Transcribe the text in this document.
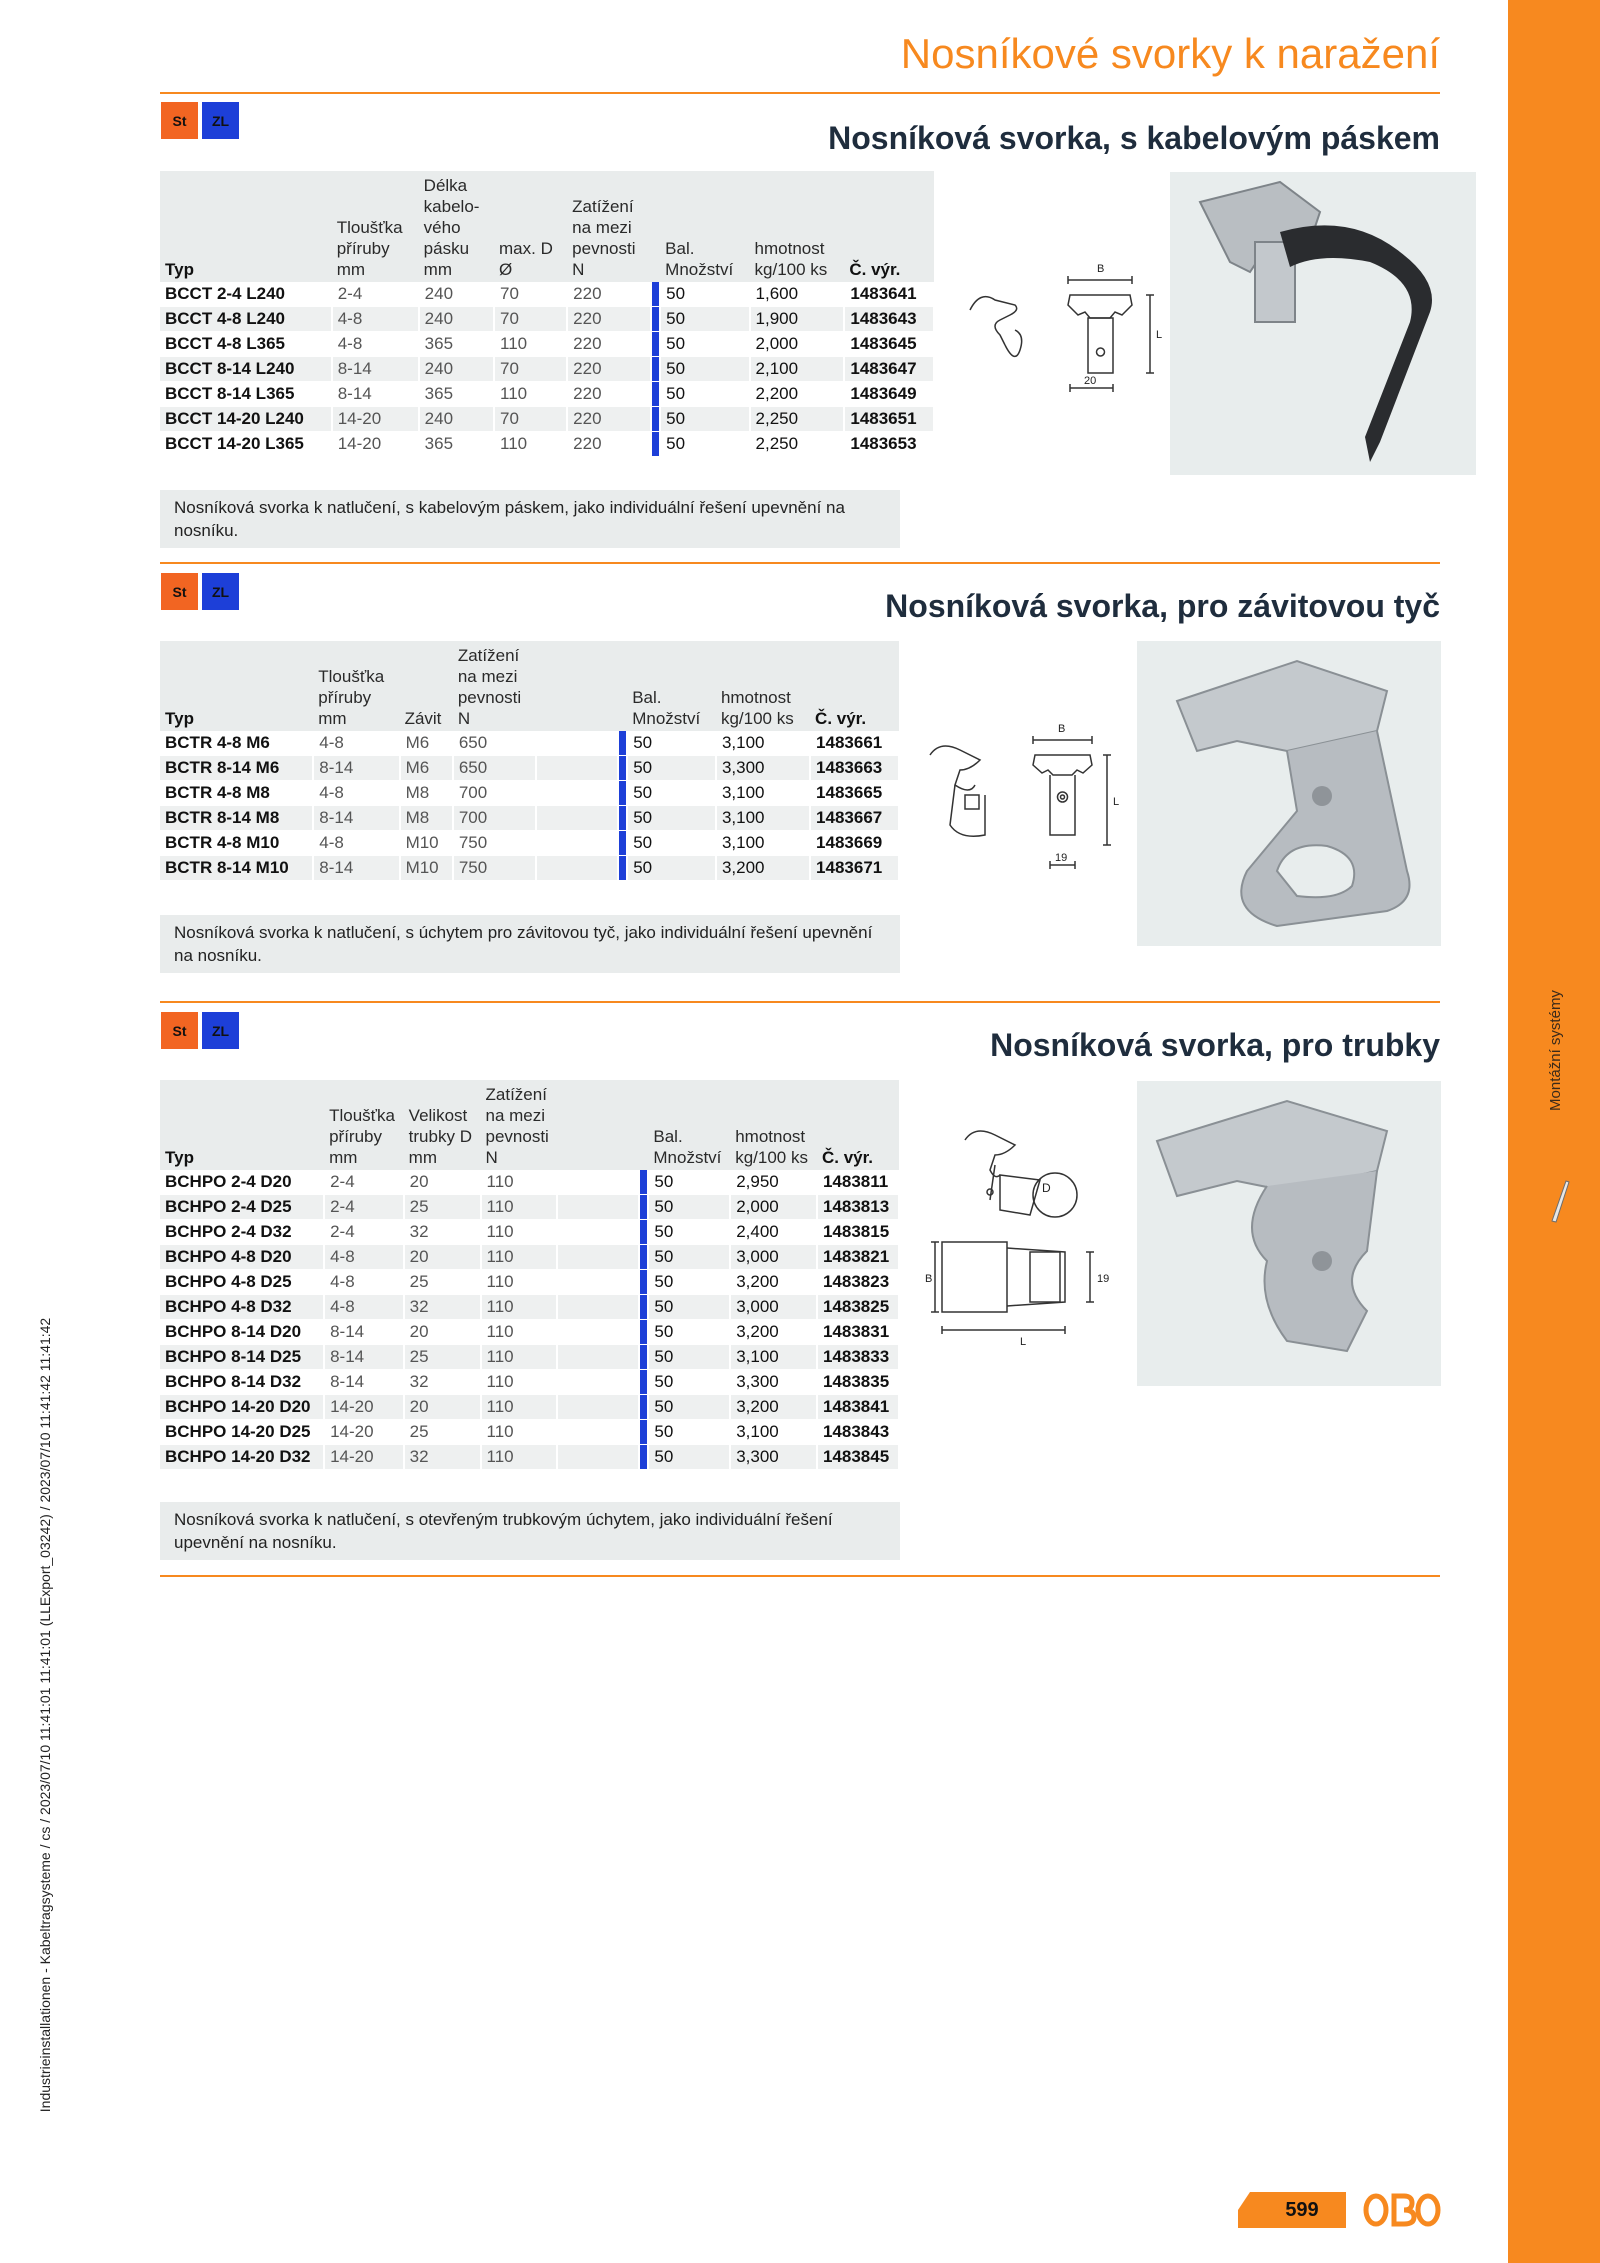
Montážní systémy
Industrieinstallationen - Kabeltragsysteme / cs / 2023/07/10 11:41:01 11:41:01 (LLExport_03242) / 2023/07/10 11:41:42 11:41:42
Nosníkové svorky k naražení
St	ZL	Nosníková svorka, s kabelovým páskem
Typ	Tloušťka
příruby
mm	Délka
kabelo-
vého
pásku
mm	max. D
Ø	Zatížení
na mezi
pevnosti
N		Bal.
Množství	hmotnost
kg/100 ks	Č. výr.
BCCT 2-4 L240	2-4	240	70	220		50	1,600	1483641
BCCT 4-8 L240	4-8	240	70	220		50	1,900	1483643
BCCT 4-8 L365	4-8	365	110	220		50	2,000	1483645
BCCT 8-14 L240	8-14	240	70	220		50	2,100	1483647
BCCT 8-14 L365	8-14	365	110	220		50	2,200	1483649
BCCT 14-20 L240	14-20	240	70	220		50	2,250	1483651
BCCT 14-20 L365	14-20	365	110	220		50	2,250	1483653
B
L
20
Nosníková svorka k natlučení, s kabelovým páskem, jako individuální řešení upevnění na nosníku.
St	ZL	Nosníková svorka, pro závitovou tyč
Typ	Tloušťka
příruby
mm	Závit	Zatížení
na mezi
pevnosti
N			Bal.
Množství	hmotnost
kg/100 ks	Č. výr.
BCTR 4-8 M6	4-8	M6	650			50	3,100	1483661
BCTR 8-14 M6	8-14	M6	650			50	3,300	1483663
BCTR 4-8 M8	4-8	M8	700			50	3,100	1483665
BCTR 8-14 M8	8-14	M8	700			50	3,100	1483667
BCTR 4-8 M10	4-8	M10	750			50	3,100	1483669
BCTR 8-14 M10	8-14	M10	750			50	3,200	1483671
B
L
19
Nosníková svorka k natlučení, s úchytem pro závitovou tyč, jako individuální řešení upevnění na nosníku.
St	ZL	Nosníková svorka, pro trubky
Typ	Tloušťka
příruby
mm	Velikost
trubky D
mm	Zatížení
na mezi
pevnosti
N			Bal.
Množství	hmotnost
kg/100 ks	Č. výr.
BCHPO 2-4 D20	2-4	20	110			50	2,950	1483811
BCHPO 2-4 D25	2-4	25	110			50	2,000	1483813
BCHPO 2-4 D32	2-4	32	110			50	2,400	1483815
BCHPO 4-8 D20	4-8	20	110			50	3,000	1483821
BCHPO 4-8 D25	4-8	25	110			50	3,200	1483823
BCHPO 4-8 D32	4-8	32	110			50	3,000	1483825
BCHPO 8-14 D20	8-14	20	110			50	3,200	1483831
BCHPO 8-14 D25	8-14	25	110			50	3,100	1483833
BCHPO 8-14 D32	8-14	32	110			50	3,300	1483835
BCHPO 14-20 D20	14-20	20	110			50	3,200	1483841
BCHPO 14-20 D25	14-20	25	110			50	3,100	1483843
BCHPO 14-20 D32	14-20	32	110			50	3,300	1483845
D
B	19
L
Nosníková svorka k natlučení, s otevřeným trubkovým úchytem, jako individuální řešení upevnění na nosníku.
599
